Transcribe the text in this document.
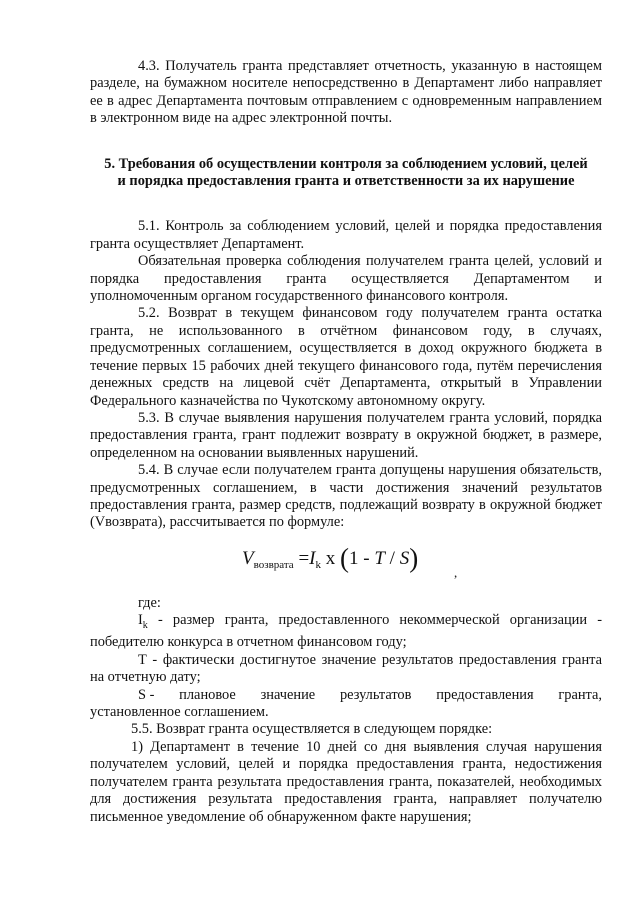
4.3. Получатель гранта представляет отчетность, указанную в настоящем разделе, на бумажном носителе непосредственно в Департамент либо направляет ее в адрес Департамента почтовым отправлением с одновременным направлением в электронном виде на адрес электронной почты.

5. Требования об осуществлении контроля за соблюдением условий, целей

и порядка предоставления гранта и ответственности за их нарушение

5.1. Контроль за соблюдением условий, целей и порядка предоставления гранта осуществляет Департамент.

Обязательная проверка соблюдения получателем гранта целей, условий и порядка предоставления гранта осуществляется Департаментом и уполномоченным органом государственного финансового контроля.

5.2. Возврат в текущем финансовом году получателем гранта остатка гранта, не использованного в отчётном финансовом году, в случаях, предусмотренных соглашением, осуществляется в доход окружного бюджета в течение первых 15 рабочих дней текущего финансового года, путём перечисления денежных средств на лицевой счёт Департамента, открытый в Управлении Федерального казначейства по Чукотскому автономному округу.

5.3. В случае выявления нарушения получателем гранта условий, порядка предоставления гранта, грант подлежит возврату в окружной бюджет, в размере, определенном на основании выявленных нарушений.

5.4. В случае если получателем гранта допущены нарушения обязательств, предусмотренных соглашением, в части достижения значений результатов предоставления гранта, размер средств, подлежащий возврату в окружной бюджет (Vвозврата), рассчитывается по формуле:

$V_{возврата} =I_k$ x (1 - T / S)	,

где:

$I_k$ - размер гранта, предоставленного некоммерческой организации - победителю конкурса в отчетном финансовом году;

Т - фактически достигнутое значение результатов предоставления гранта на отчетную дату;

S - плановое значение результатов предоставления гранта,

установленное соглашением.

5.5. Возврат гранта осуществляется в следующем порядке:

1) Департамент в течение 10 дней со дня выявления случая нарушения получателем условий, целей и порядка предоставления гранта, недостижения получателем гранта результата предоставления гранта, показателей, необходимых для достижения результата предоставления гранта, направляет получателю письменное уведомление об обнаруженном факте нарушения;
